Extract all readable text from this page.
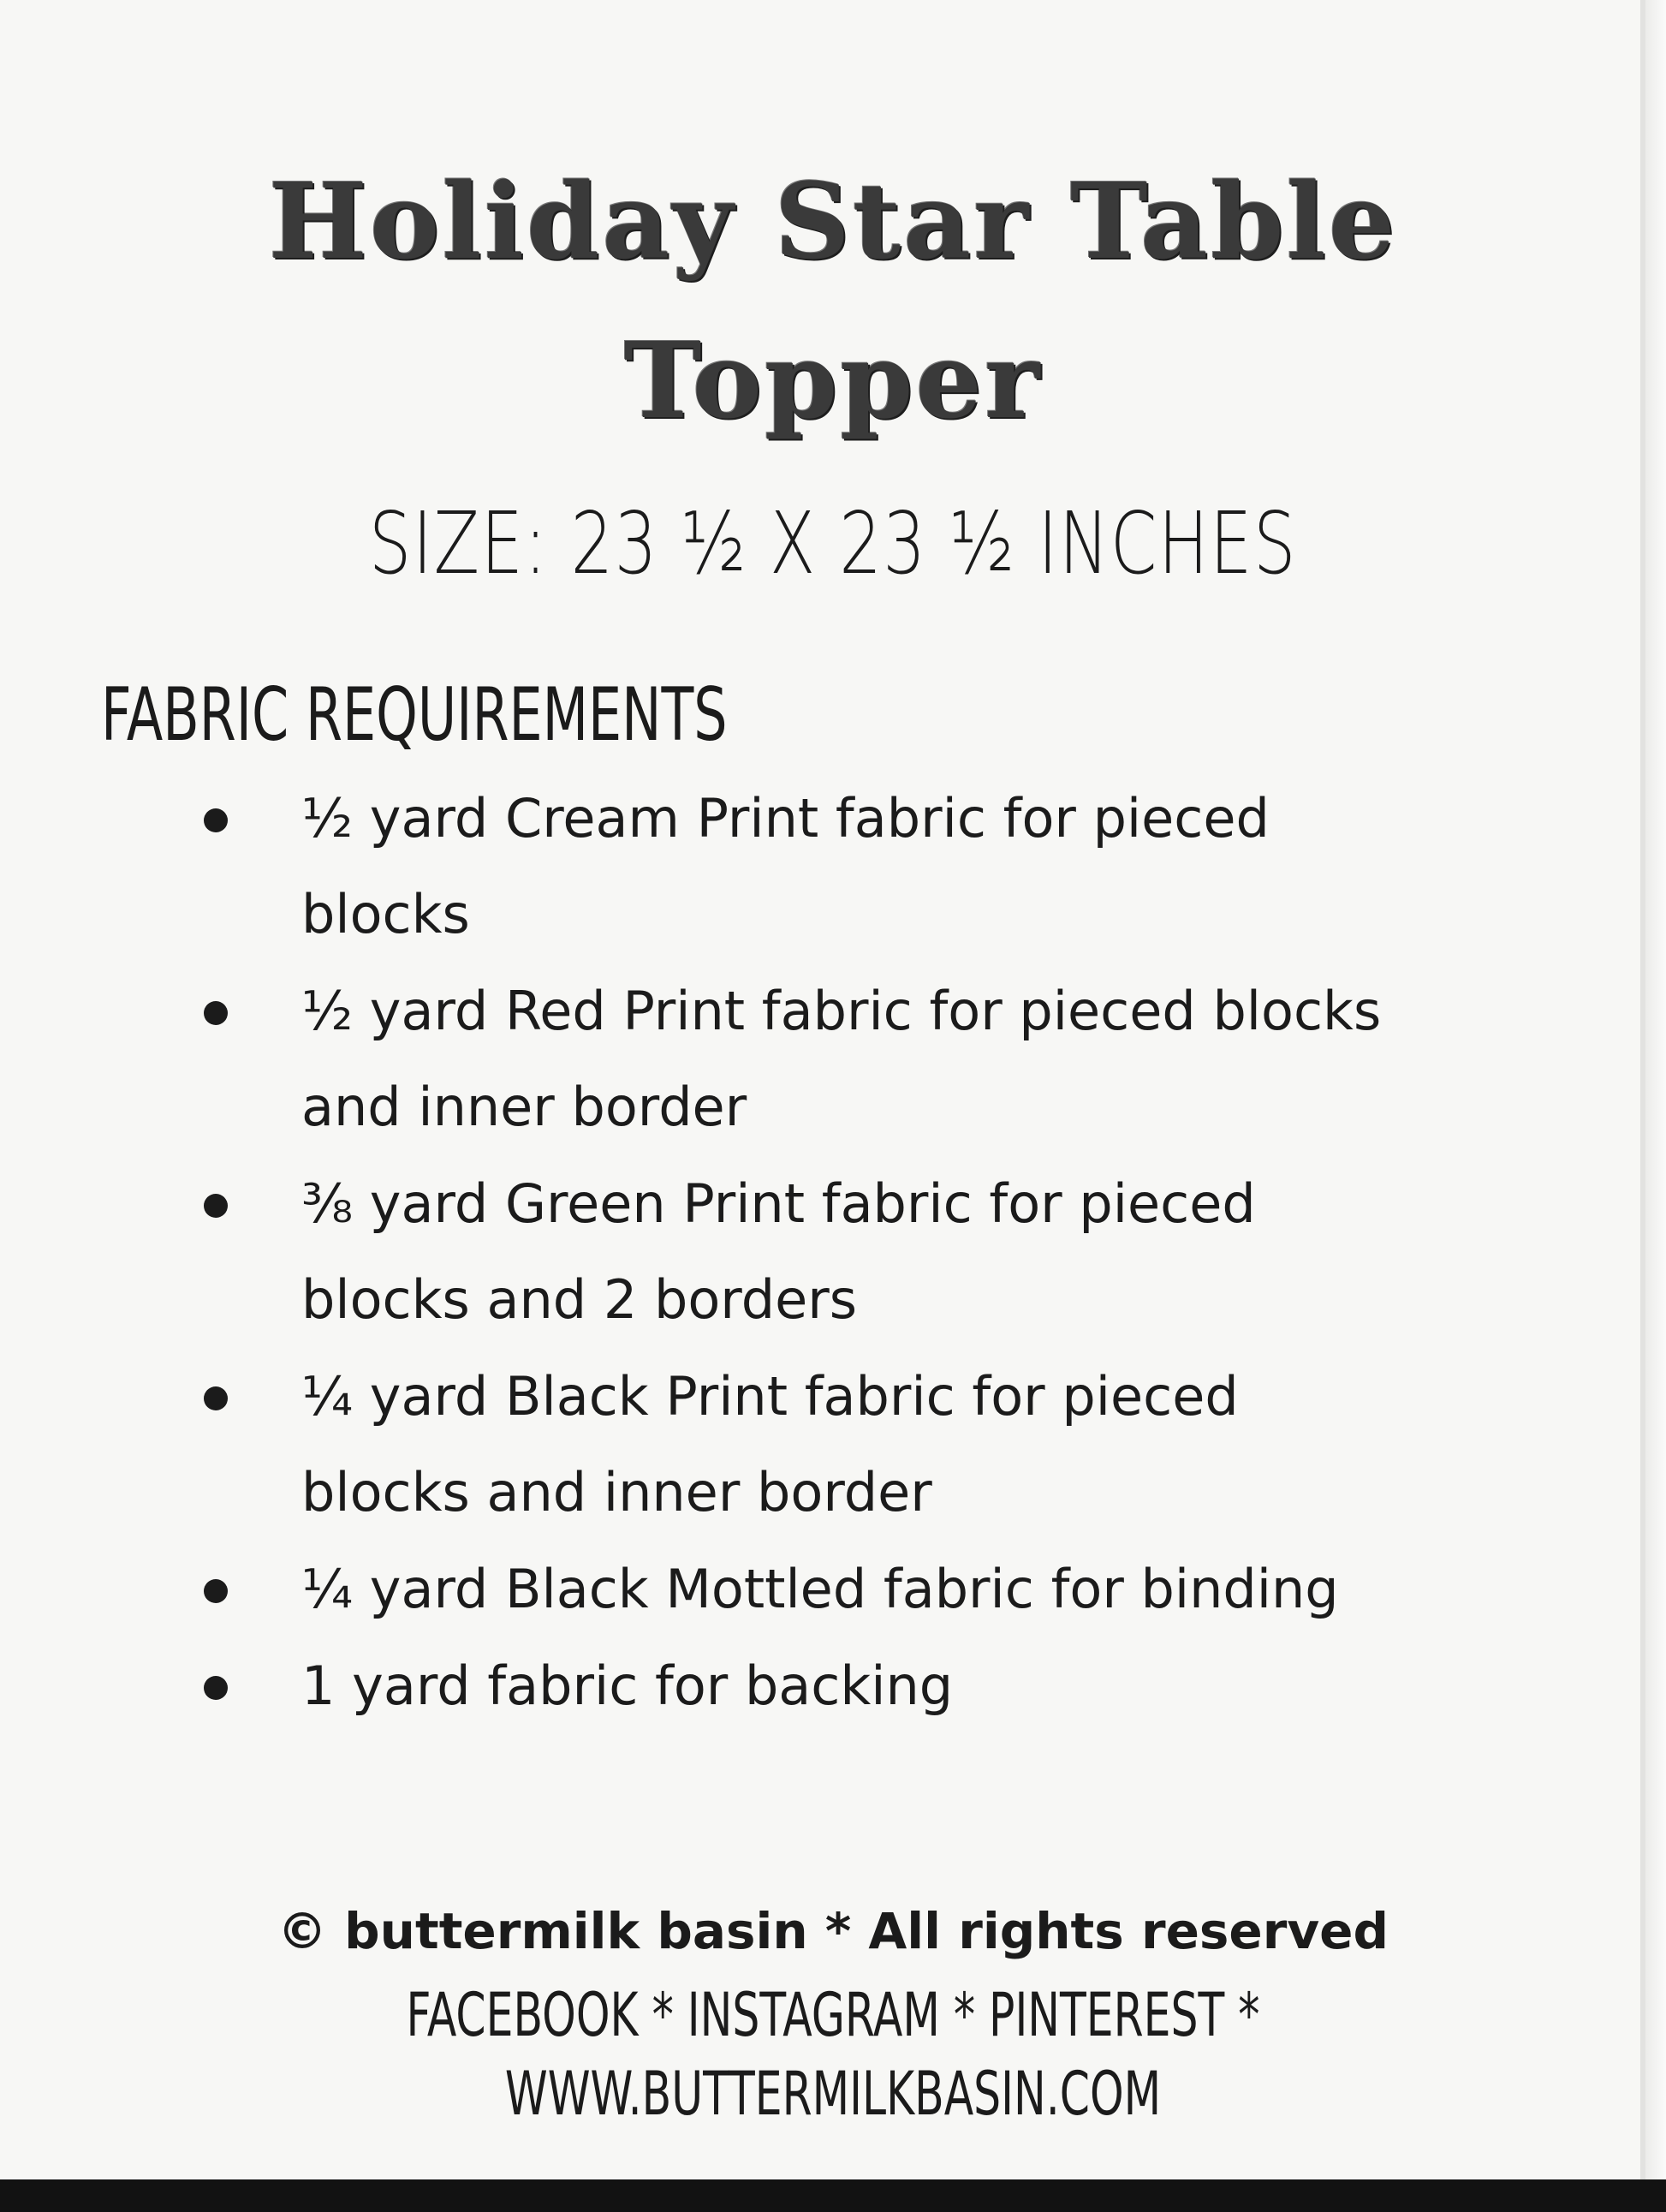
Holiday Star Table
Topper
SIZE: 23 ½ X 23 ½ INCHES
FABRIC REQUIREMENTS
½ yard Cream Print fabric for pieced
blocks
½ yard Red Print fabric for pieced blocks
and inner border
⅜ yard Green Print fabric for pieced
blocks and 2 borders
¼ yard Black Print fabric for pieced
blocks and inner border
¼ yard Black Mottled fabric for binding
1 yard fabric for backing
© buttermilk basin * All rights reserved
FACEBOOK * INSTAGRAM * PINTEREST *
WWW.BUTTERMILKBASIN.COM
